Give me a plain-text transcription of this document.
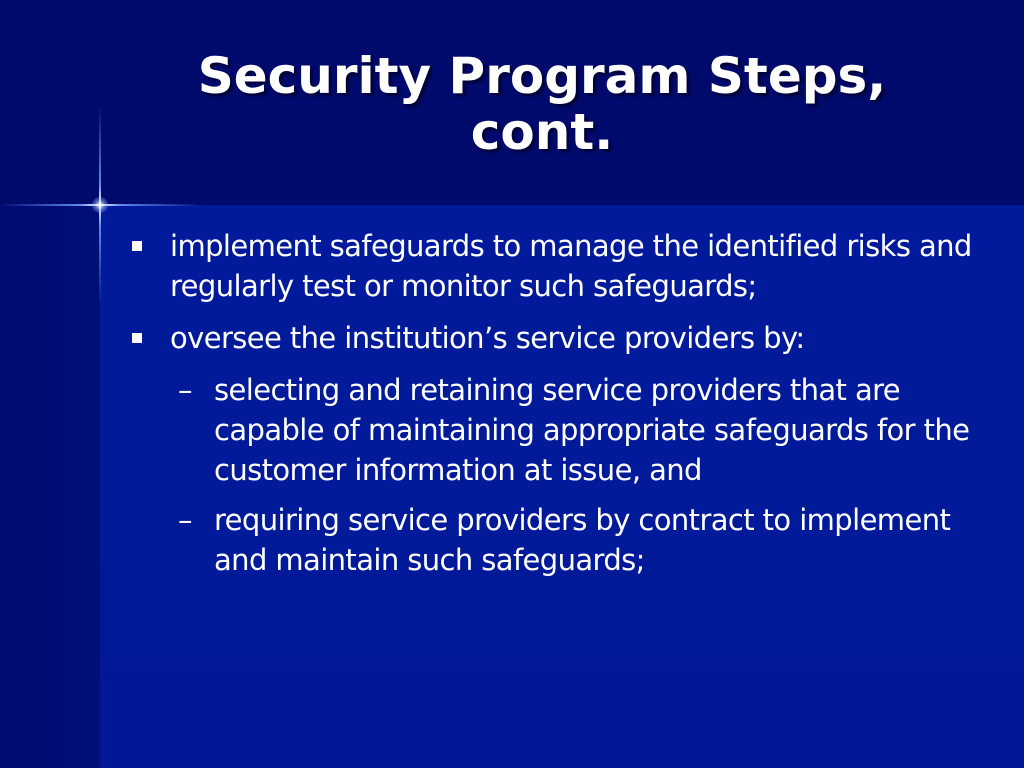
Security Program Steps, cont.
implement safeguards to manage the identified risks and regularly test or monitor such safeguards;
oversee the institution’s service providers by:
– selecting and retaining service providers that are capable of maintaining appropriate safeguards for the customer information at issue, and
– requiring service providers by contract to implement and maintain such safeguards;
